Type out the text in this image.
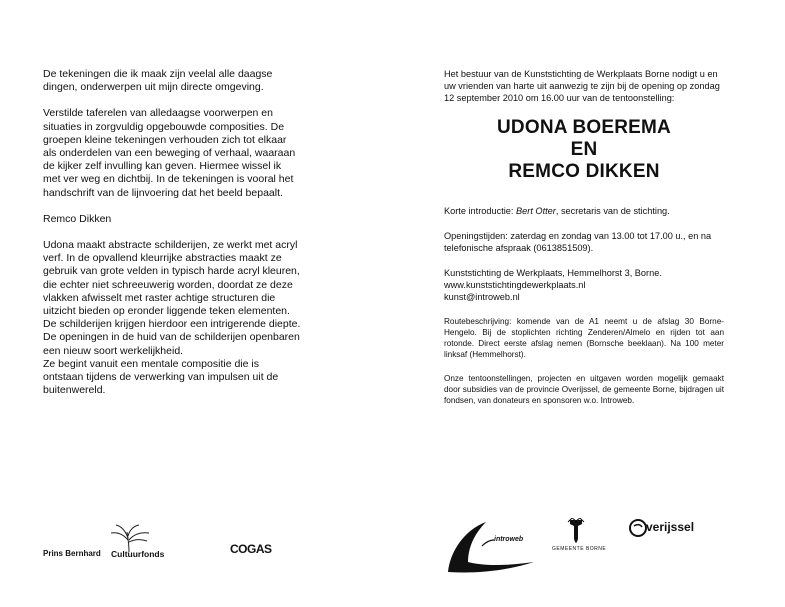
De tekeningen die ik maak zijn veelal alle daagse dingen, onderwerpen uit mijn directe omgeving.

Verstilde taferelen van alledaagse voorwerpen en situaties in zorgvuldig opgebouwde composities. De groepen kleine tekeningen verhouden zich tot elkaar als onderdelen van een beweging of verhaal, waaraan de kijker zelf invulling kan geven. Hiermee wissel ik met ver weg en dichtbij. In de tekeningen is vooral het handschrift van de lijnvoering dat het beeld bepaalt.

Remco Dikken

Udona maakt abstracte schilderijen, ze werkt met acryl verf. In de opvallend kleurrijke abstracties maakt ze gebruik van grote velden in typisch harde acryl kleuren, die echter niet schreeuwerig worden, doordat ze deze vlakken afwisselt met raster achtige structuren die uitzicht bieden op eronder liggende teken elementen.

De schilderijen krijgen hierdoor een intrigerende diepte. De openingen in de huid van de schilderijen openbaren een nieuw soort werkelijkheid.

Ze begint vanuit een mentale compositie die is ontstaan tijdens de verwerking van impulsen uit de buitenwereld.

Het bestuur van de Kunststichting de Werkplaats Borne nodigt u en uw vrienden van harte uit aanwezig te zijn bij de opening op zondag 12 september 2010 om 16.00 uur van de tentoonstelling:

UDONA BOEREMA
EN
REMCO DIKKEN

Korte introductie: Bert Otter, secretaris van de stichting.

Openingstijden: zaterdag en zondag van 13.00 tot 17.00 u., en na telefonische afspraak (0613851509).

Kunststichting de Werkplaats, Hemmelhorst 3, Borne.
www.kunststichtingdewerkplaats.nl
kunst@introweb.nl

Routebeschrijving: komende van de A1 neemt u de afslag 30 Borne-Hengelo. Bij de stoplichten richting Zenderen/Almelo en rijden tot aan rotonde. Direct eerste afslag nemen (Bornsche beeklaan). Na 100 meter linksaf (Hemmelhorst).

Onze tentoonstellingen, projecten en uitgaven worden mogelijk gemaakt door subsidies van de provincie Overijssel, de gemeente Borne, bijdragen uit fondsen, van donateurs en sponsoren w.o. Introweb.

Prins Bernhard Cultuurfonds	COGAS
introweb
GEMEENTE BORNE
verijssel
